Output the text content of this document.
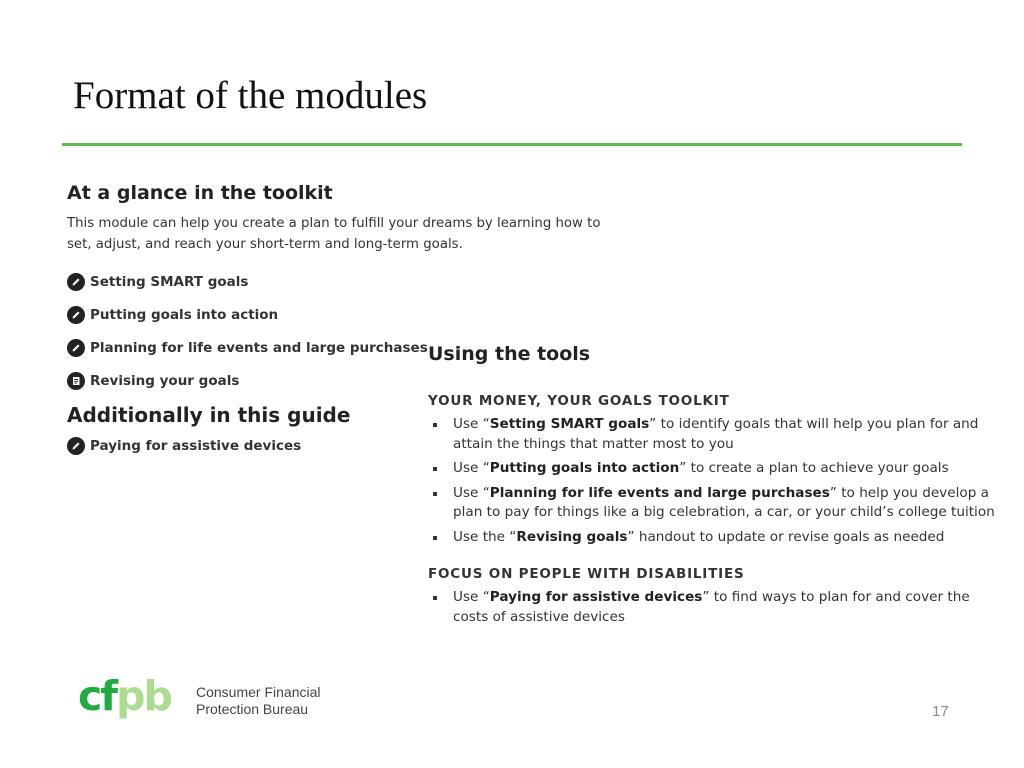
Format of the modules
At a glance in the toolkit

This module can help you create a plan to fulfill your dreams by learning how to set, adjust, and reach your short-term and long-term goals.

Setting SMART goals
Putting goals into action
Planning for life events and large purchases
Revising your goals
Additionally in this guide
Paying for assistive devices
Using the tools
YOUR MONEY, YOUR GOALS TOOLKIT
Use “Setting SMART goals” to identify goals that will help you plan for and attain the things that matter most to you
Use “Putting goals into action” to create a plan to achieve your goals
Use “Planning for life events and large purchases” to help you develop a plan to pay for things like a big celebration, a car, or your child’s college tuition
Use the “Revising goals” handout to update or revise goals as needed
FOCUS ON PEOPLE WITH DISABILITIES
Use “Paying for assistive devices” to find ways to plan for and cover the costs of assistive devices
cfpb Consumer Financial
Protection Bureau	17
